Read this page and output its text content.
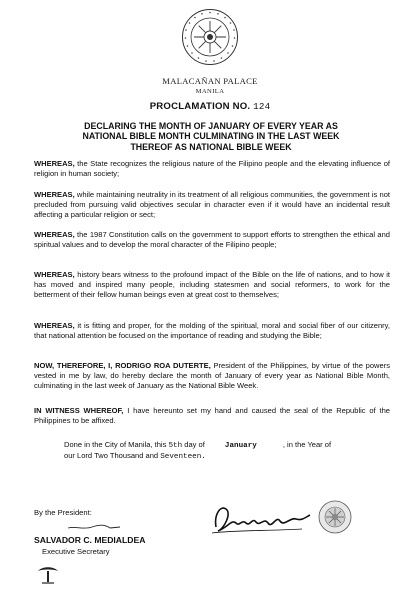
MALACAÑAN PALACE
MANILA
PROCLAMATION NO. 124
DECLARING THE MONTH OF JANUARY OF EVERY YEAR AS NATIONAL BIBLE MONTH CULMINATING IN THE LAST WEEK THEREOF AS NATIONAL BIBLE WEEK
WHEREAS, the State recognizes the religious nature of the Filipino people and the elevating influence of religion in human society;
WHEREAS, while maintaining neutrality in its treatment of all religious communities, the government is not precluded from pursuing valid objectives secular in character even if it would have an incidental result affecting a particular religion or sect;
WHEREAS, the 1987 Constitution calls on the government to support efforts to strengthen the ethical and spiritual values and to develop the moral character of the Filipino people;
WHEREAS, history bears witness to the profound impact of the Bible on the life of nations, and to how it has moved and inspired many people, including statesmen and social reformers, to work for the betterment of their fellow human beings even at great cost to themselves;
WHEREAS, it is fitting and proper, for the molding of the spiritual, moral and social fiber of our citizenry, that national attention be focused on the importance of reading and studying the Bible;
NOW, THEREFORE, I, RODRIGO ROA DUTERTE, President of the Philippines, by virtue of the powers vested in me by law, do hereby declare the month of January of every year as National Bible Month, culminating in the last week of January as the National Bible Week.
IN WITNESS WHEREOF, I have hereunto set my hand and caused the seal of the Republic of the Philippines to be affixed.
Done in the City of Manila, this 5th day of	January	, in the Year of
our Lord Two Thousand and Seventeen.
By the President:
SALVADOR C. MEDIALDEA
Executive Secretary
